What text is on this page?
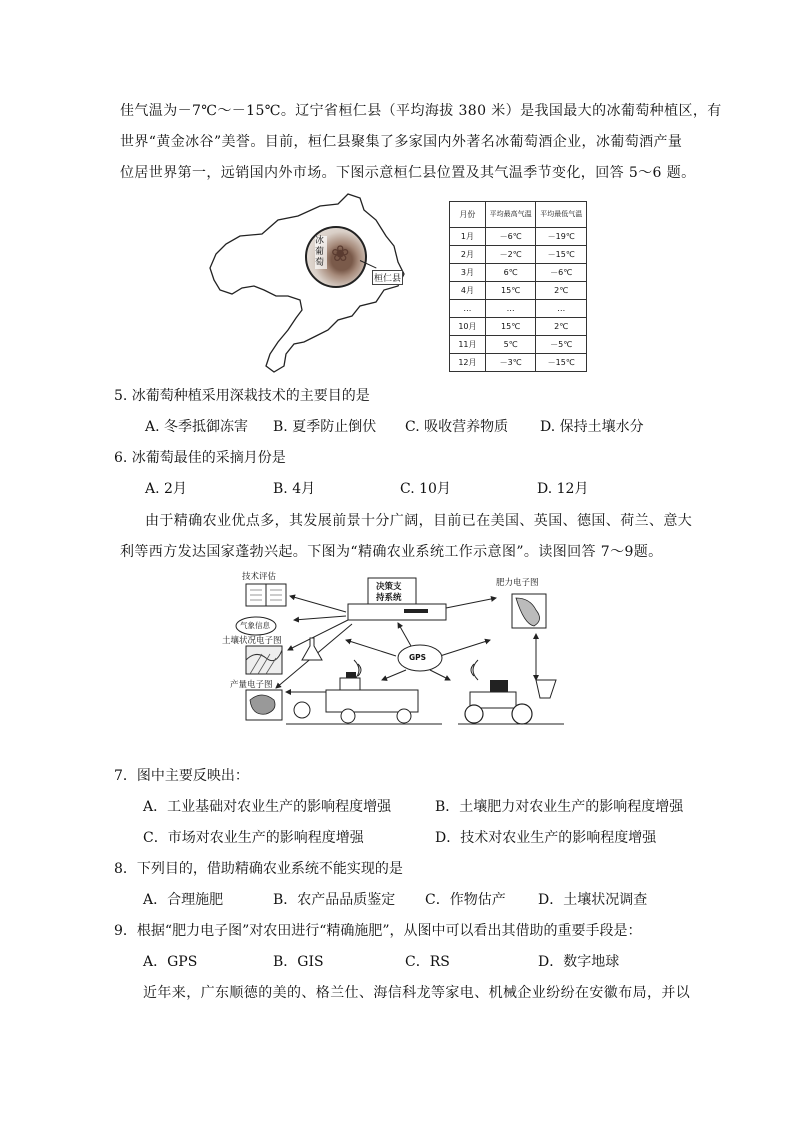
佳气温为－7℃～－15℃。辽宁省桓仁县（平均海拔 380 米）是我国最大的冰葡萄种植区，有
世界“黄金冰谷”美誉。目前，桓仁县聚集了多家国内外著名冰葡萄酒企业，冰葡萄酒产量
位居世界第一，远销国内外市场。下图示意桓仁县位置及其气温季节变化，回答 5～6 题。
❀
冰葡萄
桓仁县
月份	平均最高气温	平均最低气温
1月	－6℃	－19℃
2月	－2℃	－15℃
3月	6℃	－6℃
4月	15℃	2℃
…	…	…
10月	15℃	2℃
11月	5℃	－5℃
12月	－3℃	－15℃
5. 冰葡萄种植采用深栽技术的主要目的是
A. 冬季抵御冻害 B. 夏季防止倒伏 C. 吸收营养物质 D. 保持土壤水分
6. 冰葡萄最佳的采摘月份是
A. 2月	B. 4月	C. 10月	D. 12月
由于精确农业优点多，其发展前景十分广阔，目前已在美国、英国、德国、荷兰、意大
利等西方发达国家蓬勃兴起。下图为“精确农业系统工作示意图”。读图回答 7～9题。
技术评估
气象信息
土壤状况电子图
产量电子图
决策支
持系统
肥力电子图
GPS
7．图中主要反映出：
A．工业基础对农业生产的影响程度增强	B．土壤肥力对农业生产的影响程度增强
C．市场对农业生产的影响程度增强	D．技术对农业生产的影响程度增强
8．下列目的，借助精确农业系统不能实现的是
A．合理施肥	B．农产品品质鉴定 C．作物估产 D．土壤状况调查
9．根据“肥力电子图”对农田进行“精确施肥”，从图中可以看出其借助的重要手段是：
A．GPS	B．GIS	C．RS	D．数字地球
近年来，广东顺德的美的、格兰仕、海信科龙等家电、机械企业纷纷在安徽布局，并以
